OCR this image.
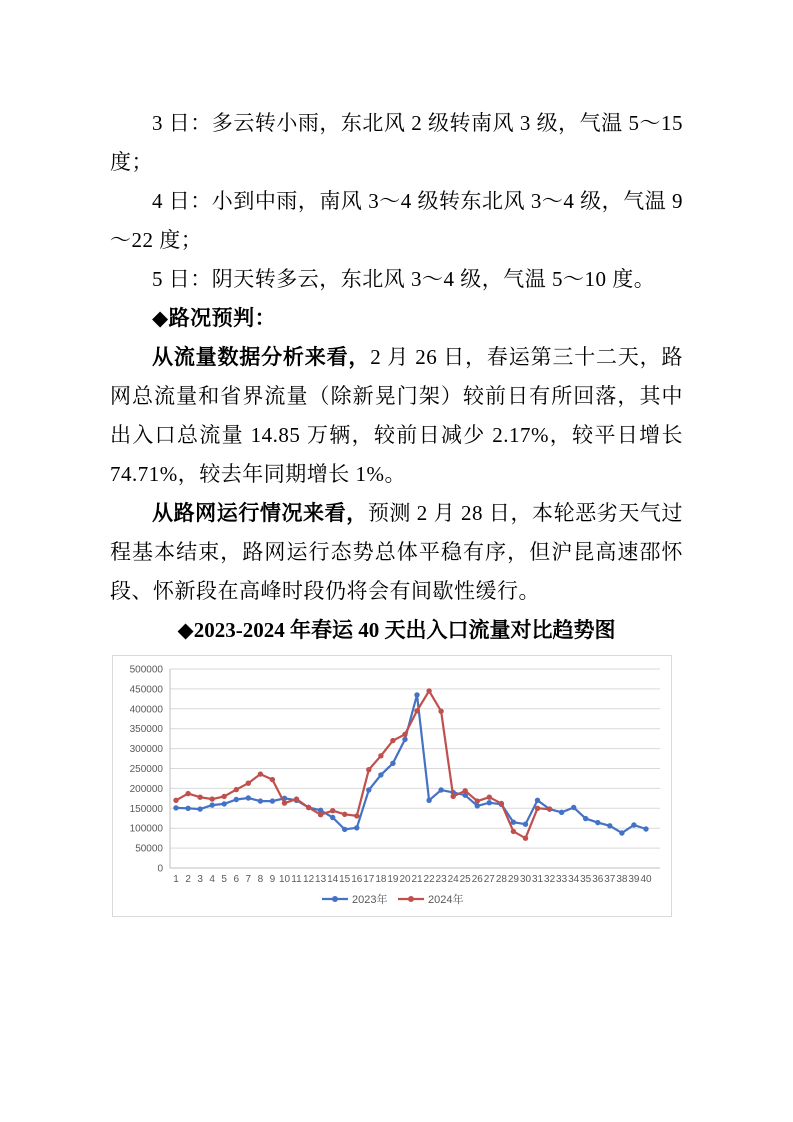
3 日：多云转小雨，东北风 2 级转南风 3 级，气温 5～15 度；

4 日：小到中雨，南风 3～4 级转东北风 3～4 级，气温 9～22 度；

5 日：阴天转多云，东北风 3～4 级，气温 5～10 度。

◆路况预判：

从流量数据分析来看，2 月 26 日，春运第三十二天，路网总流量和省界流量（除新晃门架）较前日有所回落，其中出入口总流量 14.85 万辆，较前日减少 2.17%，较平日增长 74.71%，较去年同期增长 1%。

从路网运行情况来看，预测 2 月 28 日，本轮恶劣天气过程基本结束，路网运行态势总体平稳有序，但沪昆高速邵怀段、怀新段在高峰时段仍将会有间歇性缓行。

◆2023-2024 年春运 40 天出入口流量对比趋势图

0
50000
100000
150000
200000
250000
300000
350000
400000
450000
500000
1 2 3 4 5 6 7 8 9 10 11 12 13 14 15 16 17 18 19 20 21 22 23 24 25 26 27 28 29 30 31 32 33 34 35 36 37 38 39 40
2023年	2024年
